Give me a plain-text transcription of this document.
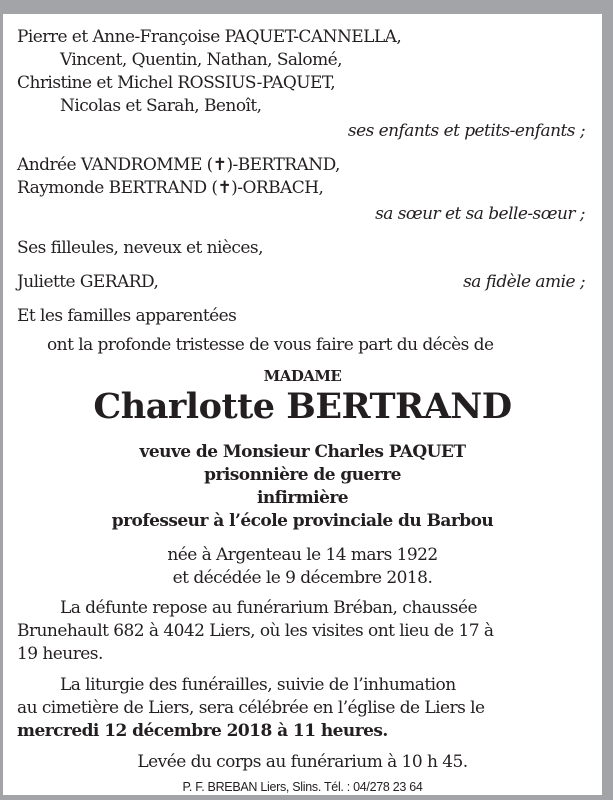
Pierre et Anne-Françoise PAQUET-CANNELLA,
Vincent, Quentin, Nathan, Salomé,
Christine et Michel ROSSIUS-PAQUET,
Nicolas et Sarah, Benoît,
ses enfants et petits-enfants ;
Andrée VANDROMME (✝)-BERTRAND,
Raymonde BERTRAND (✝)-ORBACH,
sa sœur et sa belle-sœur ;
Ses filleules, neveux et nièces,
Juliette GERARD,	sa fidèle amie ;
Et les familles apparentées
ont la profonde tristesse de vous faire part du décès de
MADAME
Charlotte BERTRAND
veuve de Monsieur Charles PAQUET
prisonnière de guerre
infirmière
professeur à l’école provinciale du Barbou
née à Argenteau le 14 mars 1922
et décédée le 9 décembre 2018.
La défunte repose au funérarium Bréban, chaussée
Brunehault 682 à 4042 Liers, où les visites ont lieu de 17 à
19 heures.
La liturgie des funérailles, suivie de l’inhumation
au cimetière de Liers, sera célébrée en l’église de Liers le
mercredi 12 décembre 2018 à 11 heures.
Levée du corps au funérarium à 10 h 45.
P. F. BREBAN Liers, Slins. Tél. : 04/278 23 64
